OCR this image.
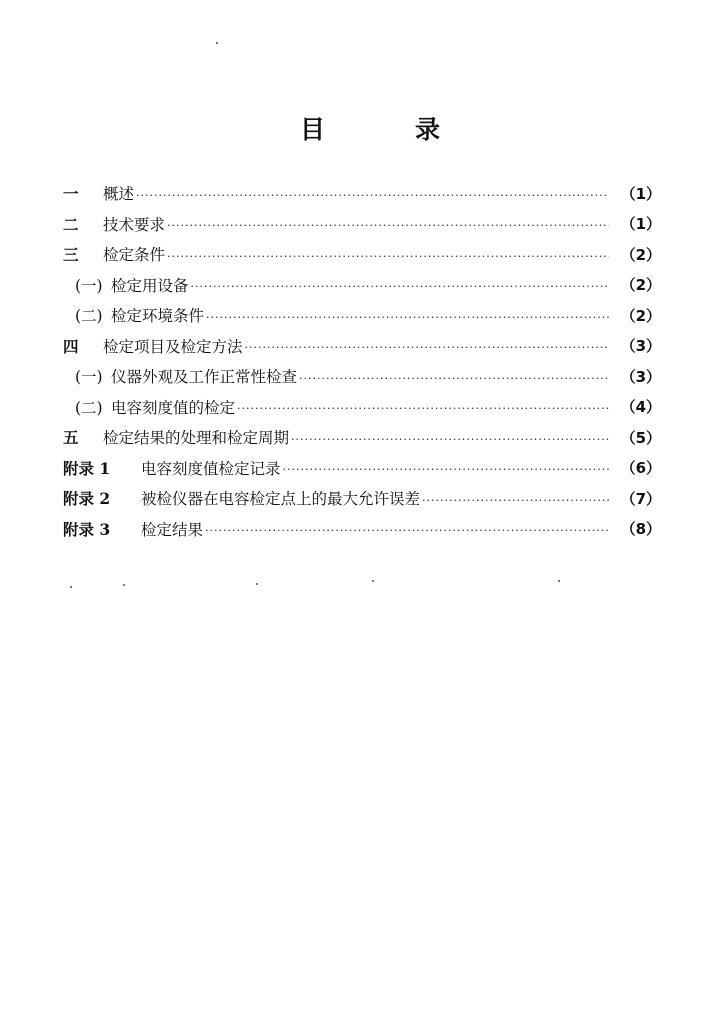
目	录
一	概述 ·····	（1）
二	技术要求 ·····	（1）
三	检定条件 ·····	（2）
(一) 检定用设备 ·····	（2）
(二) 检定环境条件 ·····	（2）
四	检定项目及检定方法 ·····	（3）
(一) 仪器外观及工作正常性检查 ·····	（3）
(二) 电容刻度值的检定 ·····	（4）
五	检定结果的处理和检定周期 ·····	（5）
附录 1	电容刻度值检定记录 ·····	（6）
附录 2	被检仪器在电容检定点上的最大允许误差 ·····	（7）
附录 3	检定结果 ·····	（8）
